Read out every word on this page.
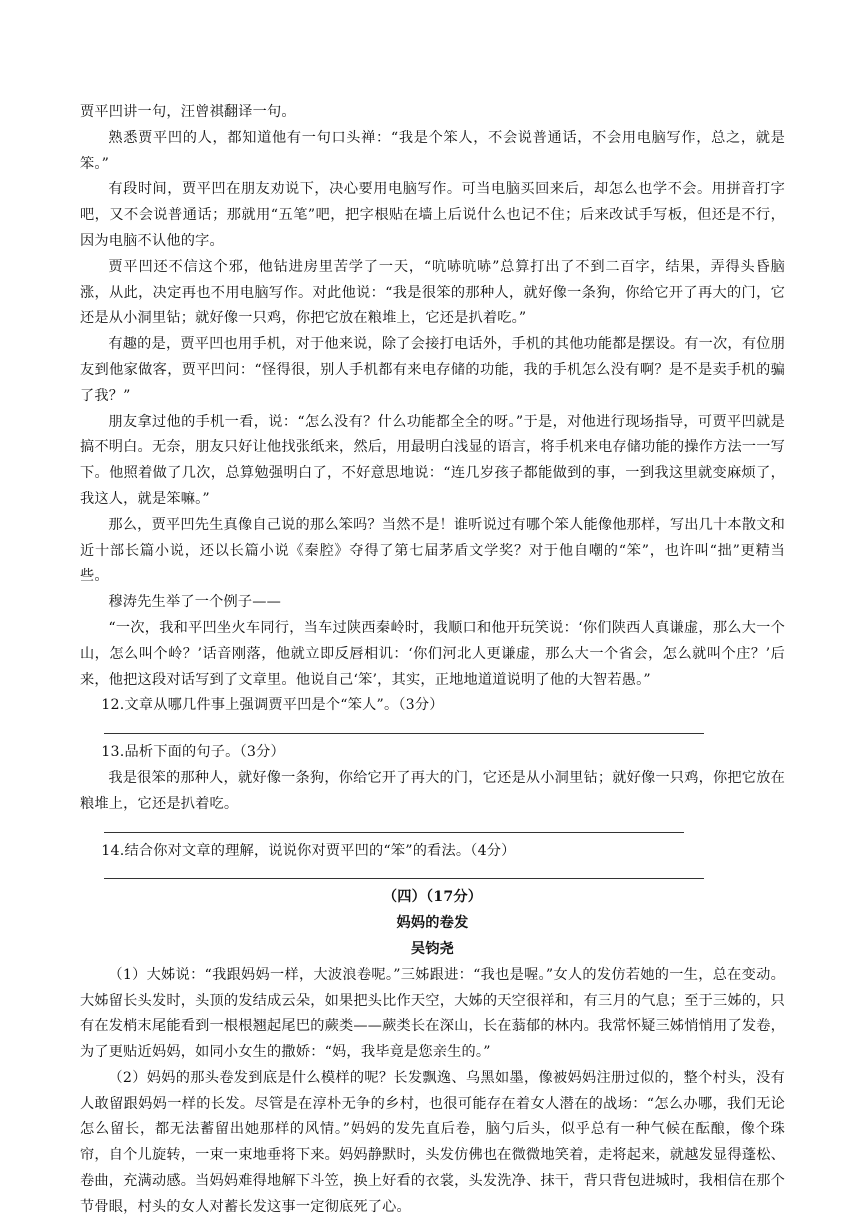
贾平凹讲一句，汪曾祺翻译一句。

熟悉贾平凹的人，都知道他有一句口头禅：“我是个笨人，不会说普通话，不会用电脑写作，总之，就是笨。”

有段时间，贾平凹在朋友劝说下，决心要用电脑写作。可当电脑买回来后，却怎么也学不会。用拼音打字吧，又不会说普通话；那就用“五笔”吧，把字根贴在墙上后说什么也记不住；后来改试手写板，但还是不行，因为电脑不认他的字。

贾平凹还不信这个邪，他钻进房里苦学了一天，“吭哧吭哧”总算打出了不到二百字，结果，弄得头昏脑涨，从此，决定再也不用电脑写作。对此他说：“我是很笨的那种人，就好像一条狗，你给它开了再大的门，它还是从小洞里钻；就好像一只鸡，你把它放在粮堆上，它还是扒着吃。”

有趣的是，贾平凹也用手机，对于他来说，除了会接打电话外，手机的其他功能都是摆设。有一次，有位朋友到他家做客，贾平凹问：“怪得很，别人手机都有来电存储的功能，我的手机怎么没有啊？是不是卖手机的骗了我？”

朋友拿过他的手机一看，说：“怎么没有？什么功能都全全的呀。”于是，对他进行现场指导，可贾平凹就是搞不明白。无奈，朋友只好让他找张纸来，然后，用最明白浅显的语言，将手机来电存储功能的操作方法一一写下。他照着做了几次，总算勉强明白了，不好意思地说：“连几岁孩子都能做到的事，一到我这里就变麻烦了，我这人，就是笨嘛。”

那么，贾平凹先生真像自己说的那么笨吗？当然不是！谁听说过有哪个笨人能像他那样，写出几十本散文和近十部长篇小说，还以长篇小说《秦腔》夺得了第七届茅盾文学奖？对于他自嘲的“笨”，也许叫“拙”更精当些。

穆涛先生举了一个例子——

“一次，我和平凹坐火车同行，当车过陕西秦岭时，我顺口和他开玩笑说：‘你们陕西人真谦虚，那么大一个山，怎么叫个岭？’话音刚落，他就立即反唇相讥：‘你们河北人更谦虚，那么大一个省会，怎么就叫个庄？’后来，他把这段对话写到了文章里。他说自己‘笨’，其实，正地地道道说明了他的大智若愚。”

12.文章从哪几件事上强调贾平凹是个“笨人”。（3分）

13.品析下面的句子。（3分）

我是很笨的那种人，就好像一条狗，你给它开了再大的门，它还是从小洞里钻；就好像一只鸡，你把它放在粮堆上，它还是扒着吃。

14.结合你对文章的理解，说说你对贾平凹的“笨”的看法。（4分）

（四）（17分）

妈妈的卷发

吴钧尧

（1）大姊说：“我跟妈妈一样，大波浪卷呢。”三姊跟进：“我也是喔。”女人的发仿若她的一生，总在变动。大姊留长头发时，头顶的发结成云朵，如果把头比作天空，大姊的天空很祥和，有三月的气息；至于三姊的，只有在发梢末尾能看到一根根翘起尾巴的蕨类——蕨类长在深山，长在蓊郁的林内。我常怀疑三姊悄悄用了发卷，为了更贴近妈妈，如同小女生的撒娇：“妈，我毕竟是您亲生的。”

（2）妈妈的那头卷发到底是什么模样的呢？长发飘逸、乌黑如墨，像被妈妈注册过似的，整个村头，没有人敢留跟妈妈一样的长发。尽管是在淳朴无争的乡村，也很可能存在着女人潜在的战场：“怎么办哪，我们无论怎么留长，都无法蓄留出她那样的风情。”妈妈的发先直后卷，脑勺后头，似乎总有一种气候在酝酿，像个珠帘，自个儿旋转，一束一束地垂将下来。妈妈静默时，头发仿佛也在微微地笑着，走将起来，就越发显得蓬松、卷曲，充满动感。当妈妈难得地解下斗笠，换上好看的衣裳，头发洗净、抹干，背只背包进城时，我相信在那个节骨眼，村头的女人对蓄长发这事一定彻底死了心。
